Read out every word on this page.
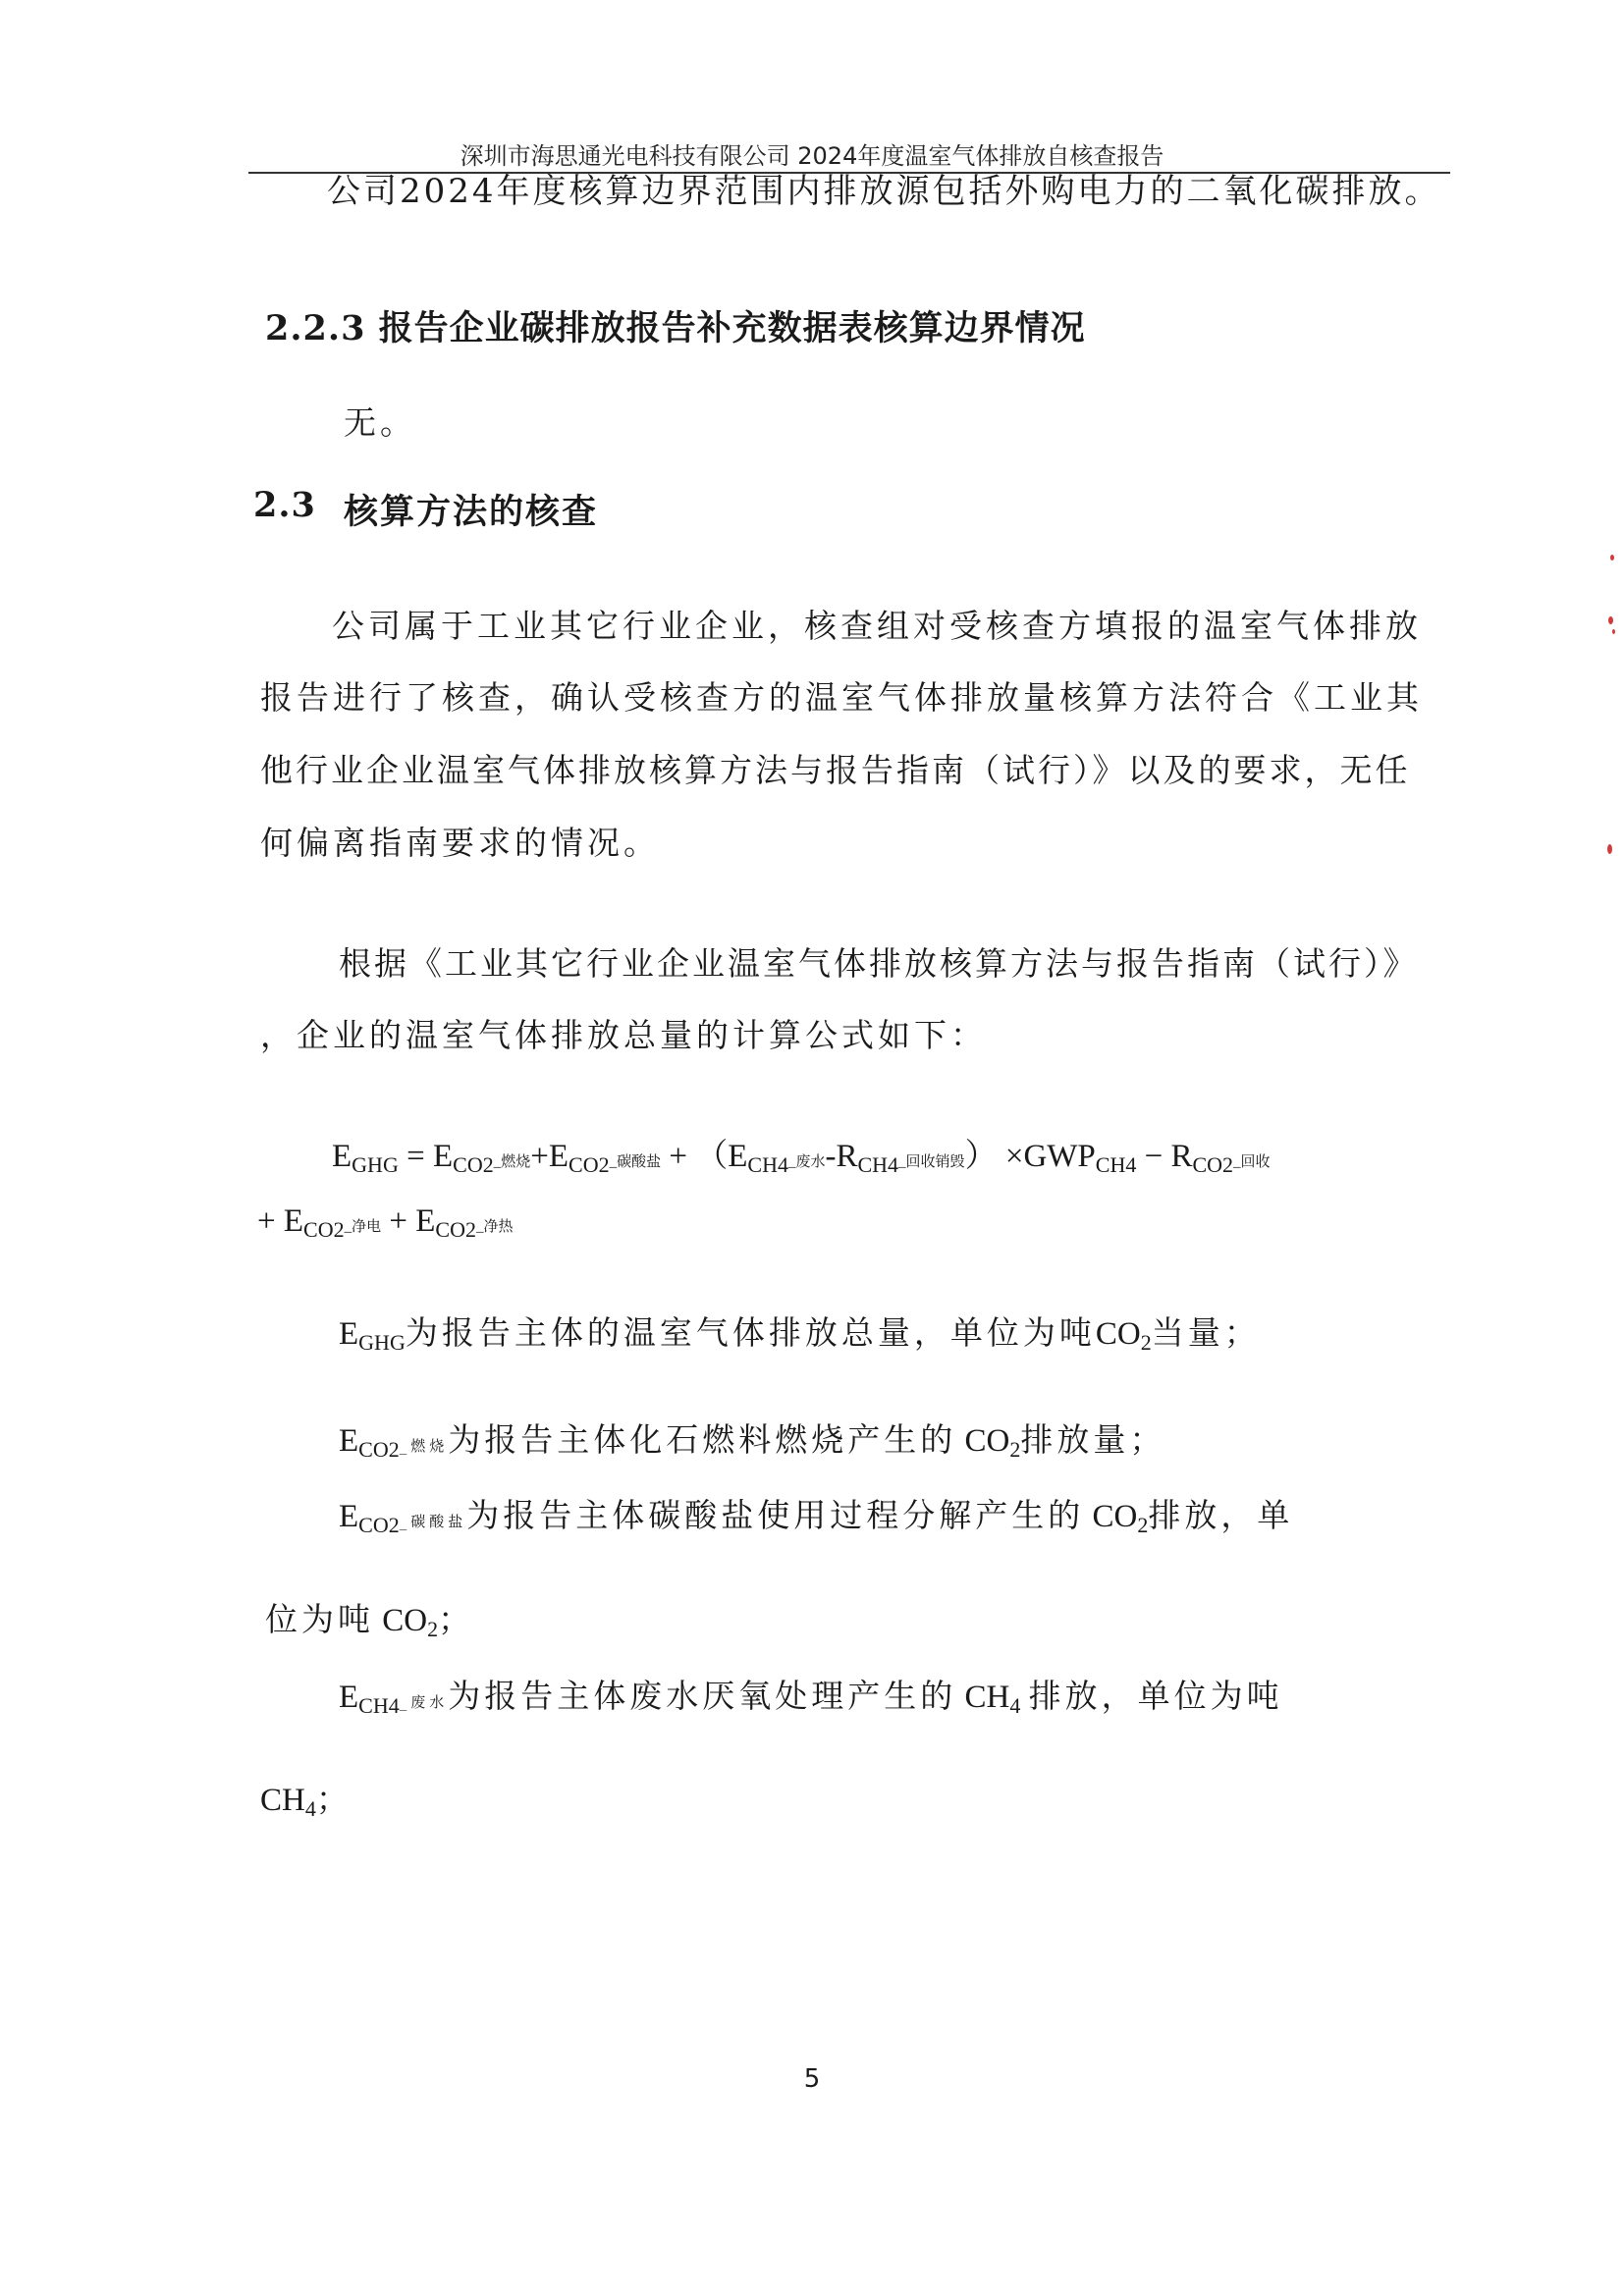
深圳市海思通光电科技有限公司 2024年度温室气体排放自核查报告
公司2024年度核算边界范围内排放源包括外购电力的二氧化碳排放。
2.2.3 报告企业碳排放报告补充数据表核算边界情况
无。
2.3 核算方法的核查
公司属于工业其它行业企业，核查组对受核查方填报的温室气体排放
报告进行了核查，确认受核查方的温室气体排放量核算方法符合《工业其
他行业企业温室气体排放核算方法与报告指南（试行）》以及的要求，无任
何偏离指南要求的情况。
根据《工业其它行业企业温室气体排放核算方法与报告指南（试行）》
，企业的温室气体排放总量的计算公式如下：
EGHG = ECO2_燃烧+ECO2_碳酸盐 + （ECH4_废水-RCH4_回收销毁） ×GWPCH4 − RCO2_回收
+ ECO2_净电 + ECO2_净热
EGHG为报告主体的温室气体排放总量，单位为吨CO2当量；
ECO2_燃烧为报告主体化石燃料燃烧产生的 CO2排放量；
ECO2_碳酸盐为报告主体碳酸盐使用过程分解产生的 CO2排放，单
位为吨 CO2；
ECH4_废水为报告主体废水厌氧处理产生的 CH4 排放，单位为吨
CH4；
5
